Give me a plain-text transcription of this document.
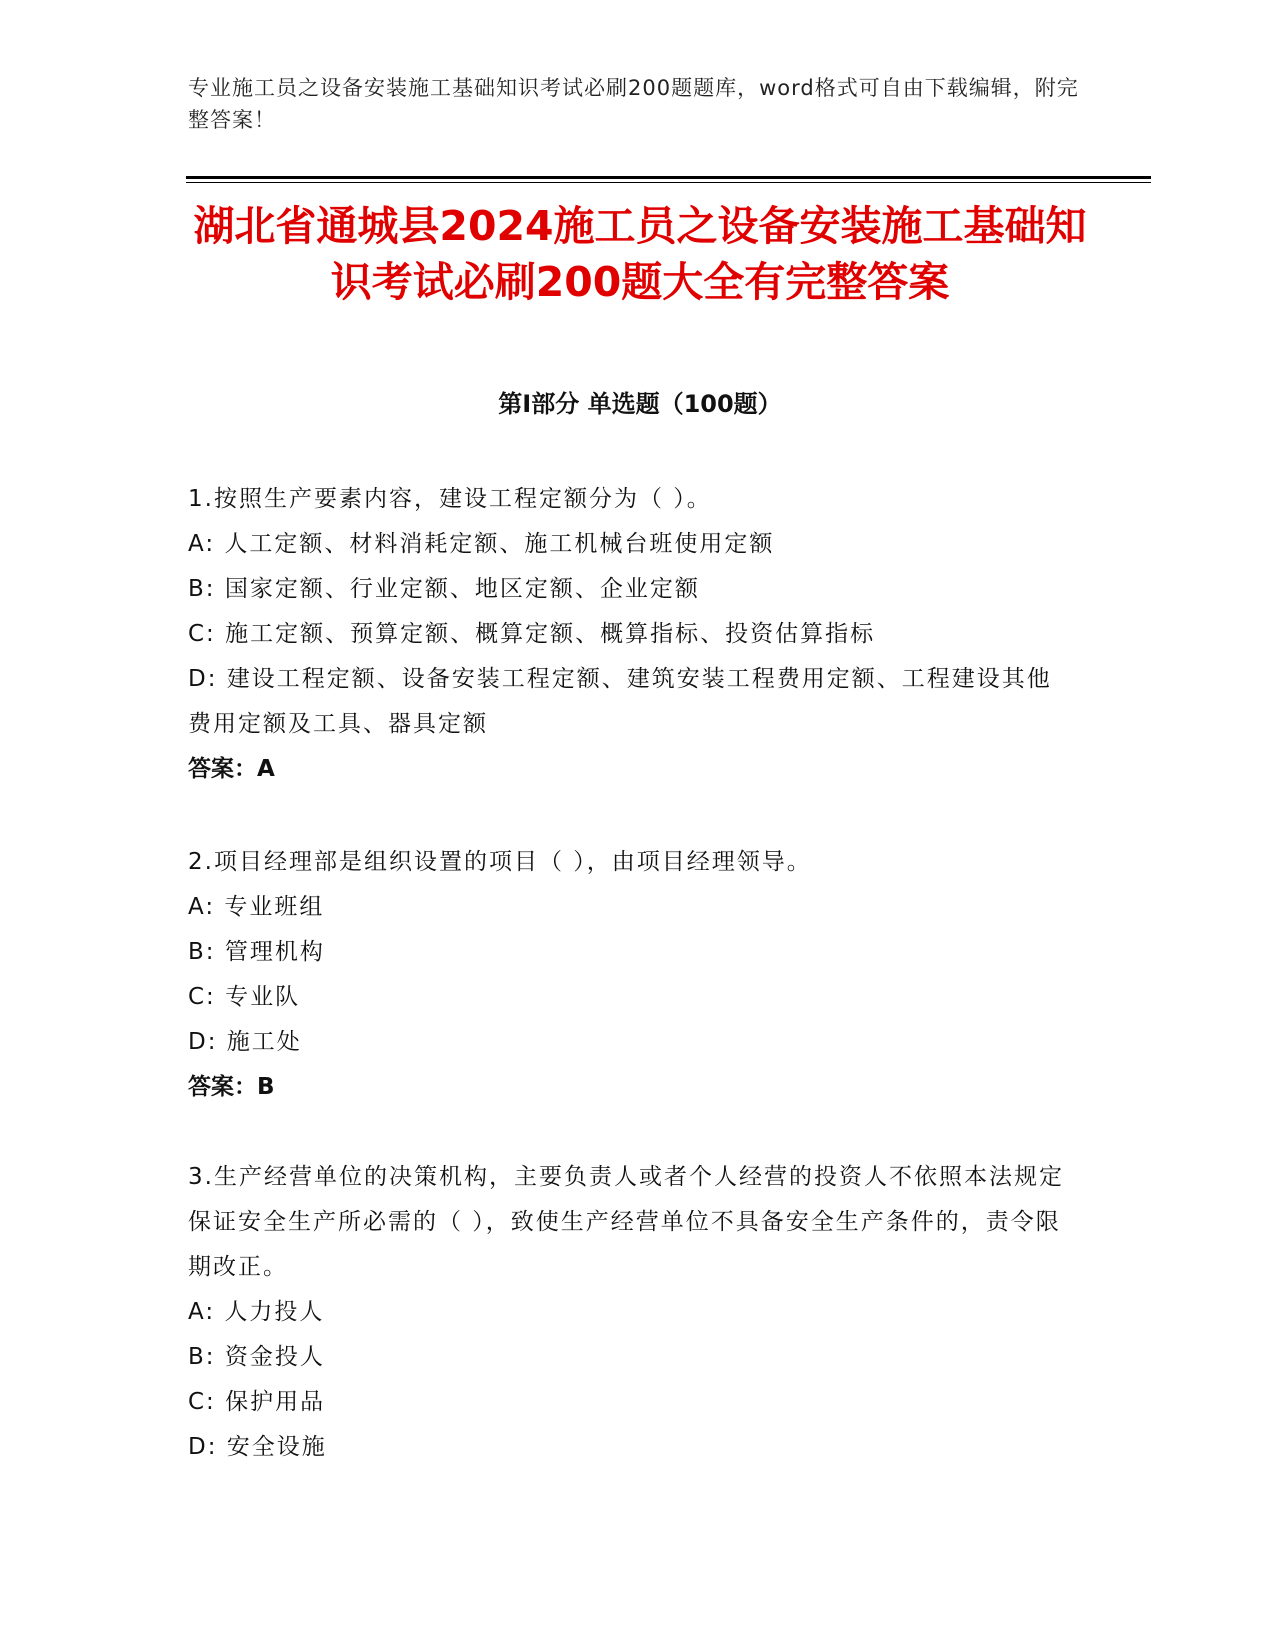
专业施工员之设备安装施工基础知识考试必刷200题题库，word格式可自由下载编辑，附完整答案！
湖北省通城县2024施工员之设备安装施工基础知识考试必刷200题大全有完整答案
第I部分 单选题（100题）
1.按照生产要素内容，建设工程定额分为（ ）。
A: 人工定额、材料消耗定额、施工机械台班使用定额
B: 国家定额、行业定额、地区定额、企业定额
C: 施工定额、预算定额、概算定额、概算指标、投资估算指标
D: 建设工程定额、设备安装工程定额、建筑安装工程费用定额、工程建设其他费用定额及工具、器具定额
答案：A
2.项目经理部是组织设置的项目（ ），由项目经理领导。
A: 专业班组
B: 管理机构
C: 专业队
D: 施工处
答案：B
3.生产经营单位的决策机构，主要负责人或者个人经营的投资人不依照本法规定保证安全生产所必需的（ ），致使生产经营单位不具备安全生产条件的，责令限期改正。
A: 人力投人
B: 资金投人
C: 保护用品
D: 安全设施
